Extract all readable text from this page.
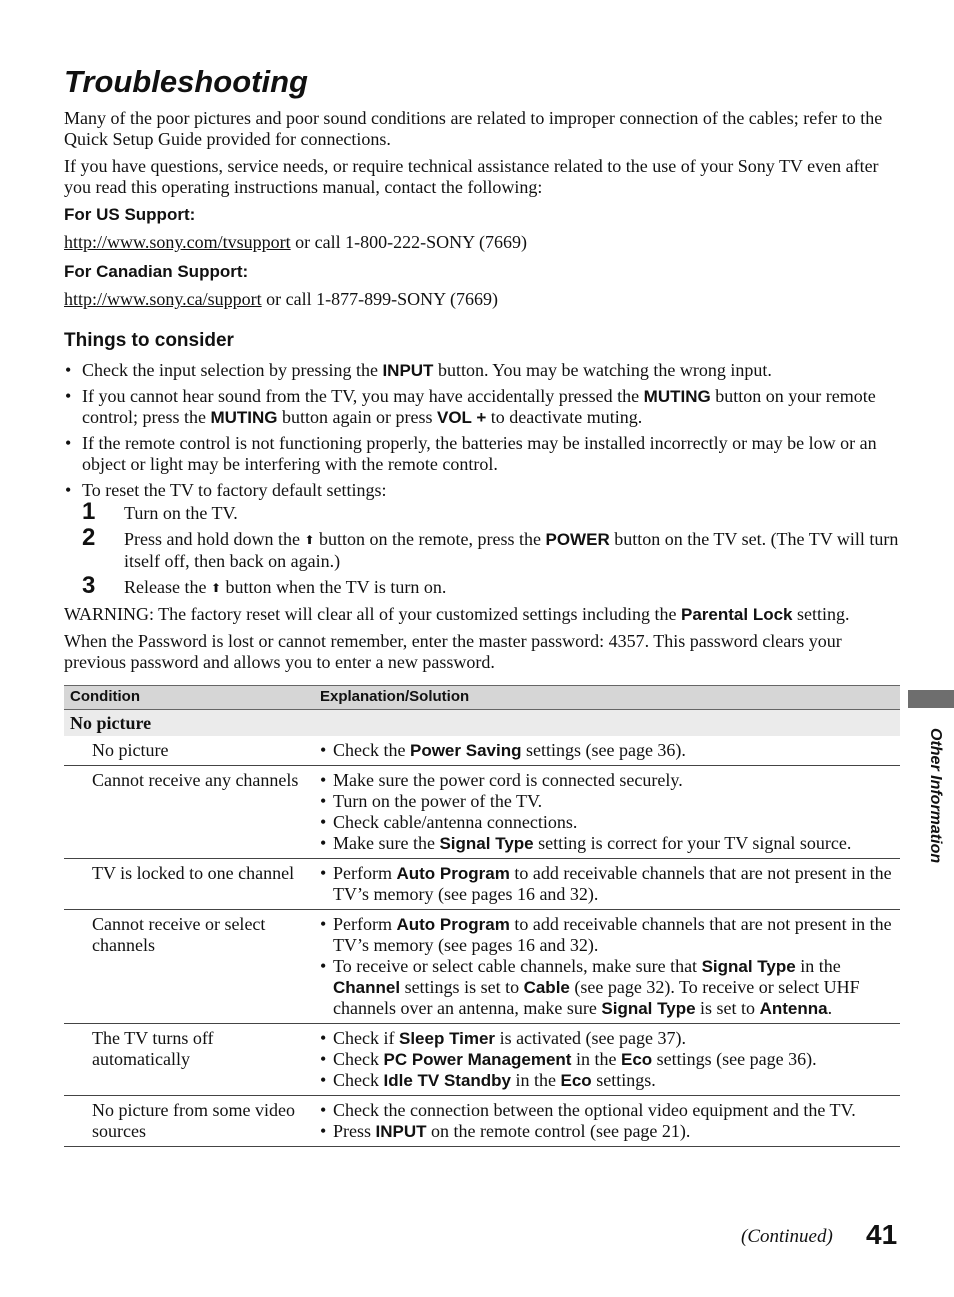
Troubleshooting

Many of the poor pictures and poor sound conditions are related to improper connection of the cables; refer to the Quick Setup Guide provided for connections.

If you have questions, service needs, or require technical assistance related to the use of your Sony TV even after you read this operating instructions manual, contact the following:

For US Support:

http://www.sony.com/tvsupport or call 1-800-222-SONY (7669)

For Canadian Support:

http://www.sony.ca/support or call 1-877-899-SONY (7669)

Things to consider
• Check the input selection by pressing the INPUT button. You may be watching the wrong input.
• If you cannot hear sound from the TV, you may have accidentally pressed the MUTING button on your remote control; press the MUTING button again or press VOL + to deactivate muting.
• If the remote control is not functioning properly, the batteries may be installed incorrectly or may be low or an object or light may be interfering with the remote control.
• To reset the TV to factory default settings:
1 Turn on the TV.
2 Press and hold down the ⬆ button on the remote, press the POWER button on the TV set. (The TV will turn itself off, then back on again.)
3 Release the ⬆ button when the TV is turn on.

WARNING: The factory reset will clear all of your customized settings including the Parental Lock setting.

When the Password is lost or cannot remember, enter the master password: 4357. This password clears your previous password and allows you to enter a new password.

Condition	Explanation/Solution
No picture	
No picture	• Check the Power Saving settings (see page 36).

Cannot receive any channels	• Make sure the power cord is connected securely.
• Turn on the power of the TV.
• Check cable/antenna connections.
• Make sure the Signal Type setting is correct for your TV signal source.

TV is locked to one channel	• Perform Auto Program to add receivable channels that are not present in the TV’s memory (see pages 16 and 32).

Cannot receive or select channels	• Perform Auto Program to add receivable channels that are not present in the TV’s memory (see pages 16 and 32).
• To receive or select cable channels, make sure that Signal Type in the Channel settings is set to Cable (see page 32). To receive or select UHF channels over an antenna, make sure Signal Type is set to Antenna.

The TV turns off automatically	• Check if Sleep Timer is activated (see page 37).
• Check PC Power Management in the Eco settings (see page 36).
• Check Idle TV Standby in the Eco settings.

No picture from some video sources	• Check the connection between the optional video equipment and the TV.
• Press INPUT on the remote control (see page 21).
Other Information
(Continued) 41
